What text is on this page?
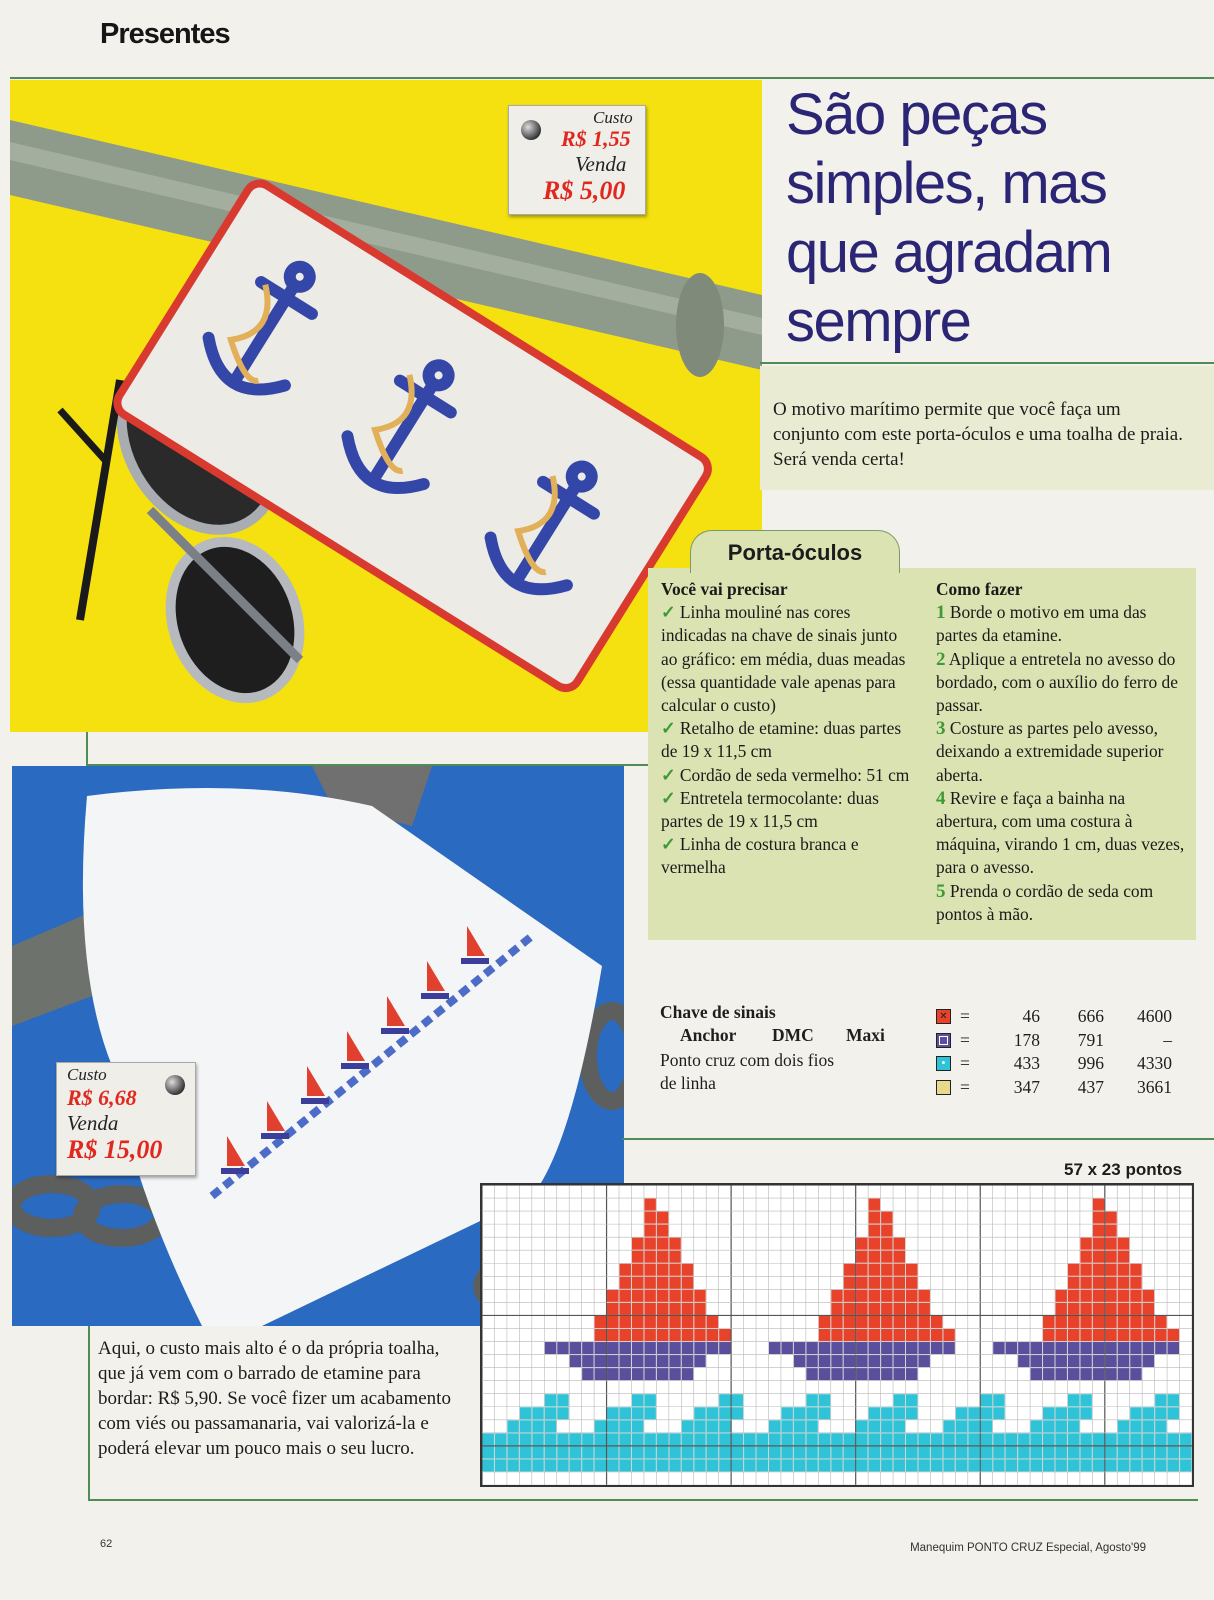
Presentes
Custo
R$ 1,55
Venda
R$ 5,00
São peças
simples, mas
que agradam
sempre
O motivo marítimo permite que você faça um conjunto com este porta-óculos e uma toalha de praia. Será venda certa!
Custo
R$ 6,68
Venda
R$ 15,00
Porta-óculos
Você vai precisar
✓ Linha mouliné nas cores indicadas na chave de sinais junto ao gráfico: em média, duas meadas (essa quantidade vale apenas para calcular o custo)
✓ Retalho de etamine: duas partes de 19 x 11,5 cm
✓ Cordão de seda vermelho: 51 cm
✓ Entretela termocolante: duas partes de 19 x 11,5 cm
✓ Linha de costura branca e vermelha
Como fazer
1 Borde o motivo em uma das partes da etamine.
2 Aplique a entretela no avesso do bordado, com o auxílio do ferro de passar.
3 Costure as partes pelo avesso, deixando a extremidade superior aberta.
4 Revire e faça a bainha na abertura, com uma costura à máquina, virando 1 cm, duas vezes, para o avesso.
5 Prenda o cordão de seda com pontos à mão.
Chave de sinais
Anchor DMC Maxi
Ponto cruz com dois fios de linha
✕ =	46	666	4600
=	178	791	–
• =	433	996	4330
=	347	437	3661
57 x 23 pontos
Aqui, o custo mais alto é o da própria toalha, que já vem com o barrado de etamine para bordar: R$ 5,90. Se você fizer um acabamento com viés ou passamanaria, vai valorizá-la e poderá elevar um pouco mais o seu lucro.
62	Manequim PONTO CRUZ Especial, Agosto'99
